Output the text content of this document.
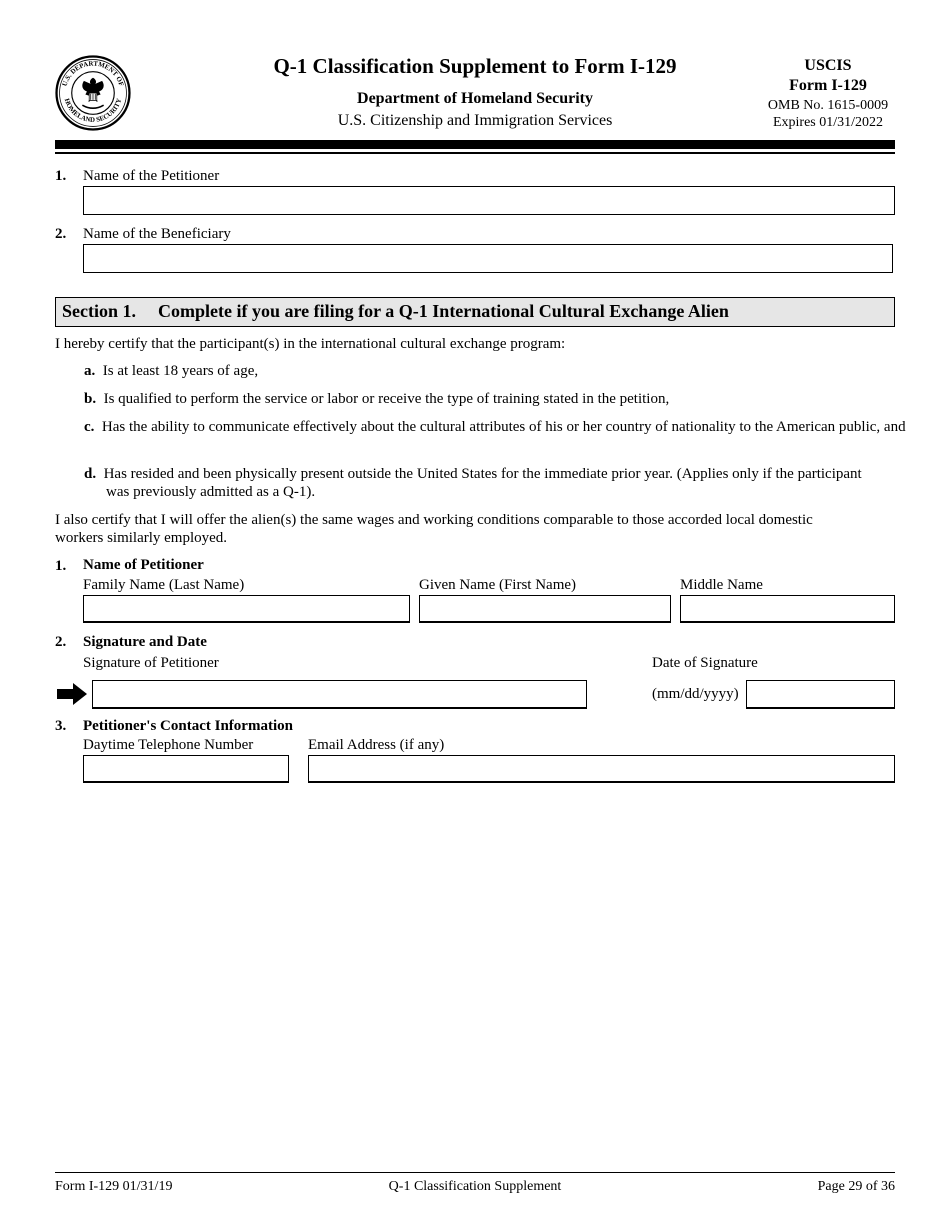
U.S. DEPARTMENT OF
HOMELAND SECURITY
Q-1 Classification Supplement to Form I-129
Department of Homeland Security
U.S. Citizenship and Immigration Services
USCIS
Form I-129
OMB No. 1615-0009
Expires 01/31/2022
1. Name of the Petitioner
2. Name of the Beneficiary
Section 1. Complete if you are filing for a Q-1 International Cultural Exchange Alien
I hereby certify that the participant(s) in the international cultural exchange program:
a. Is at least 18 years of age,
b. Is qualified to perform the service or labor or receive the type of training stated in the petition,
c. Has the ability to communicate effectively about the cultural attributes of his or her country of nationality to the American public, and
d. Has resided and been physically present outside the United States for the immediate prior year. (Applies only if the participant was previously admitted as a Q-1).
I also certify that I will offer the alien(s) the same wages and working conditions comparable to those accorded local domestic workers similarly employed.
1. Name of Petitioner
Family Name (Last Name)	Given Name (First Name)	Middle Name
2. Signature and Date
Signature of Petitioner	Date of Signature
(mm/dd/yyyy)
3. Petitioner's Contact Information
Daytime Telephone Number	Email Address (if any)
Form I-129 01/31/19	Q-1 Classification Supplement	Page 29 of 36
